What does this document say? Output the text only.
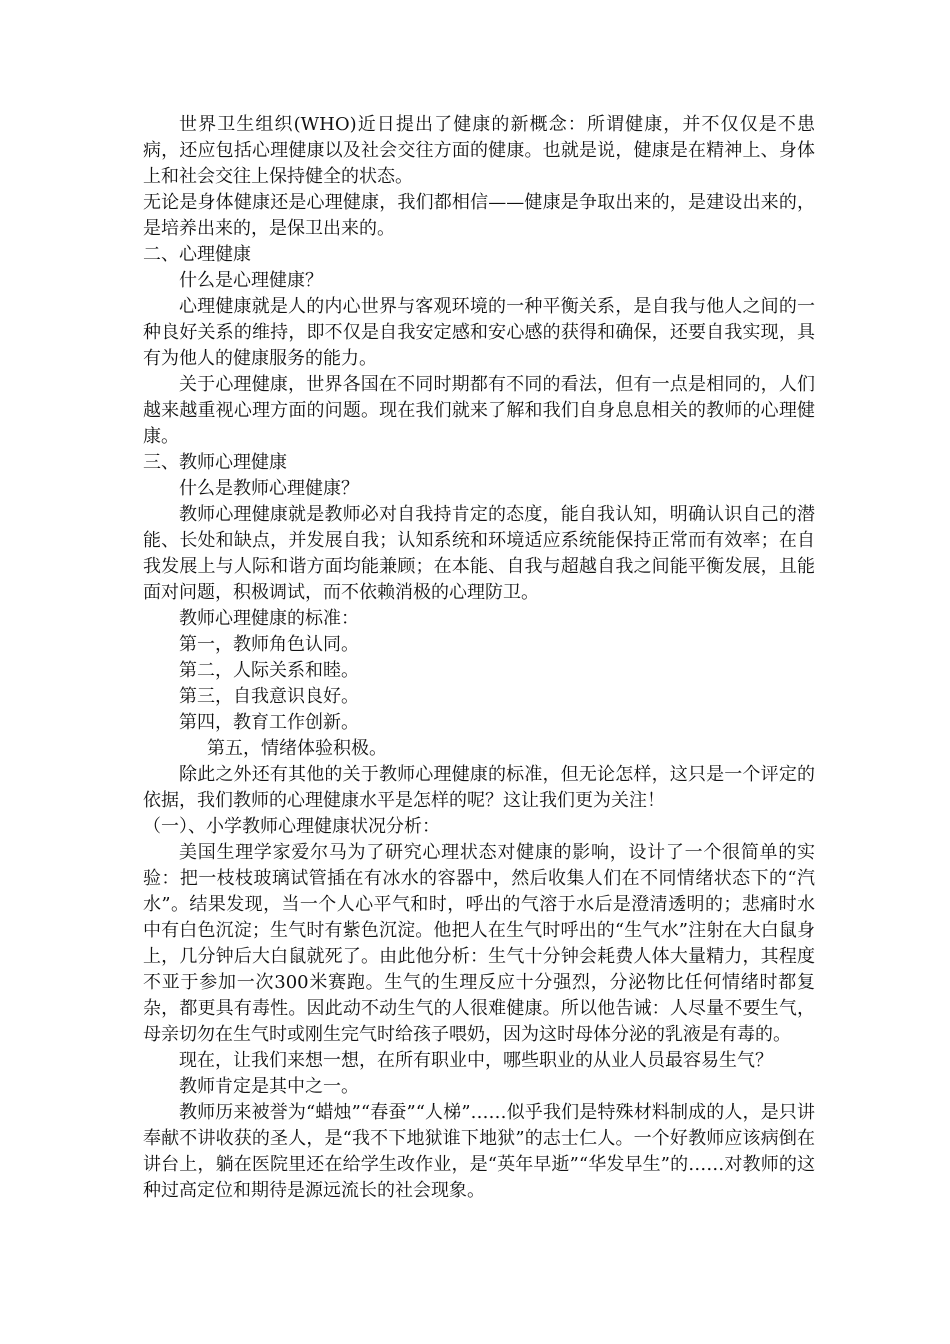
世界卫生组织(WHO)近日提出了健康的新概念：所谓健康，并不仅仅是不患病，还应包括心理健康以及社会交往方面的健康。也就是说，健康是在精神上、身体上和社会交往上保持健全的状态。

无论是身体健康还是心理健康，我们都相信——健康是争取出来的，是建设出来的，是培养出来的，是保卫出来的。

二、心理健康

什么是心理健康？

心理健康就是人的内心世界与客观环境的一种平衡关系，是自我与他人之间的一种良好关系的维持，即不仅是自我安定感和安心感的获得和确保，还要自我实现，具有为他人的健康服务的能力。

关于心理健康，世界各国在不同时期都有不同的看法，但有一点是相同的，人们越来越重视心理方面的问题。现在我们就来了解和我们自身息息相关的教师的心理健康。

三、教师心理健康

什么是教师心理健康？

教师心理健康就是教师必对自我持肯定的态度，能自我认知，明确认识自己的潜能、长处和缺点，并发展自我；认知系统和环境适应系统能保持正常而有效率；在自我发展上与人际和谐方面均能兼顾；在本能、自我与超越自我之间能平衡发展，且能面对问题，积极调试，而不依赖消极的心理防卫。

教师心理健康的标准：

第一，教师角色认同。

第二，人际关系和睦。

第三，自我意识良好。

第四，教育工作创新。

第五，情绪体验积极。

除此之外还有其他的关于教师心理健康的标准，但无论怎样，这只是一个评定的依据，我们教师的心理健康水平是怎样的呢？这让我们更为关注！

（一）、小学教师心理健康状况分析：

美国生理学家爱尔马为了研究心理状态对健康的影响，设计了一个很简单的实验：把一枝枝玻璃试管插在有冰水的容器中，然后收集人们在不同情绪状态下的“汽水”。结果发现，当一个人心平气和时，呼出的气溶于水后是澄清透明的；悲痛时水中有白色沉淀；生气时有紫色沉淀。他把人在生气时呼出的“生气水”注射在大白鼠身上，几分钟后大白鼠就死了。由此他分析：生气十分钟会耗费人体大量精力，其程度不亚于参加一次300米赛跑。生气的生理反应十分强烈，分泌物比任何情绪时都复杂，都更具有毒性。因此动不动生气的人很难健康。所以他告诫：人尽量不要生气，母亲切勿在生气时或刚生完气时给孩子喂奶，因为这时母体分泌的乳液是有毒的。

现在，让我们来想一想，在所有职业中，哪些职业的从业人员最容易生气？

教师肯定是其中之一。

教师历来被誉为“蜡烛”“春蚕”“人梯”……似乎我们是特殊材料制成的人，是只讲奉献不讲收获的圣人，是“我不下地狱谁下地狱”的志士仁人。一个好教师应该病倒在讲台上，躺在医院里还在给学生改作业，是“英年早逝”“华发早生”的……对教师的这种过高定位和期待是源远流长的社会现象。
